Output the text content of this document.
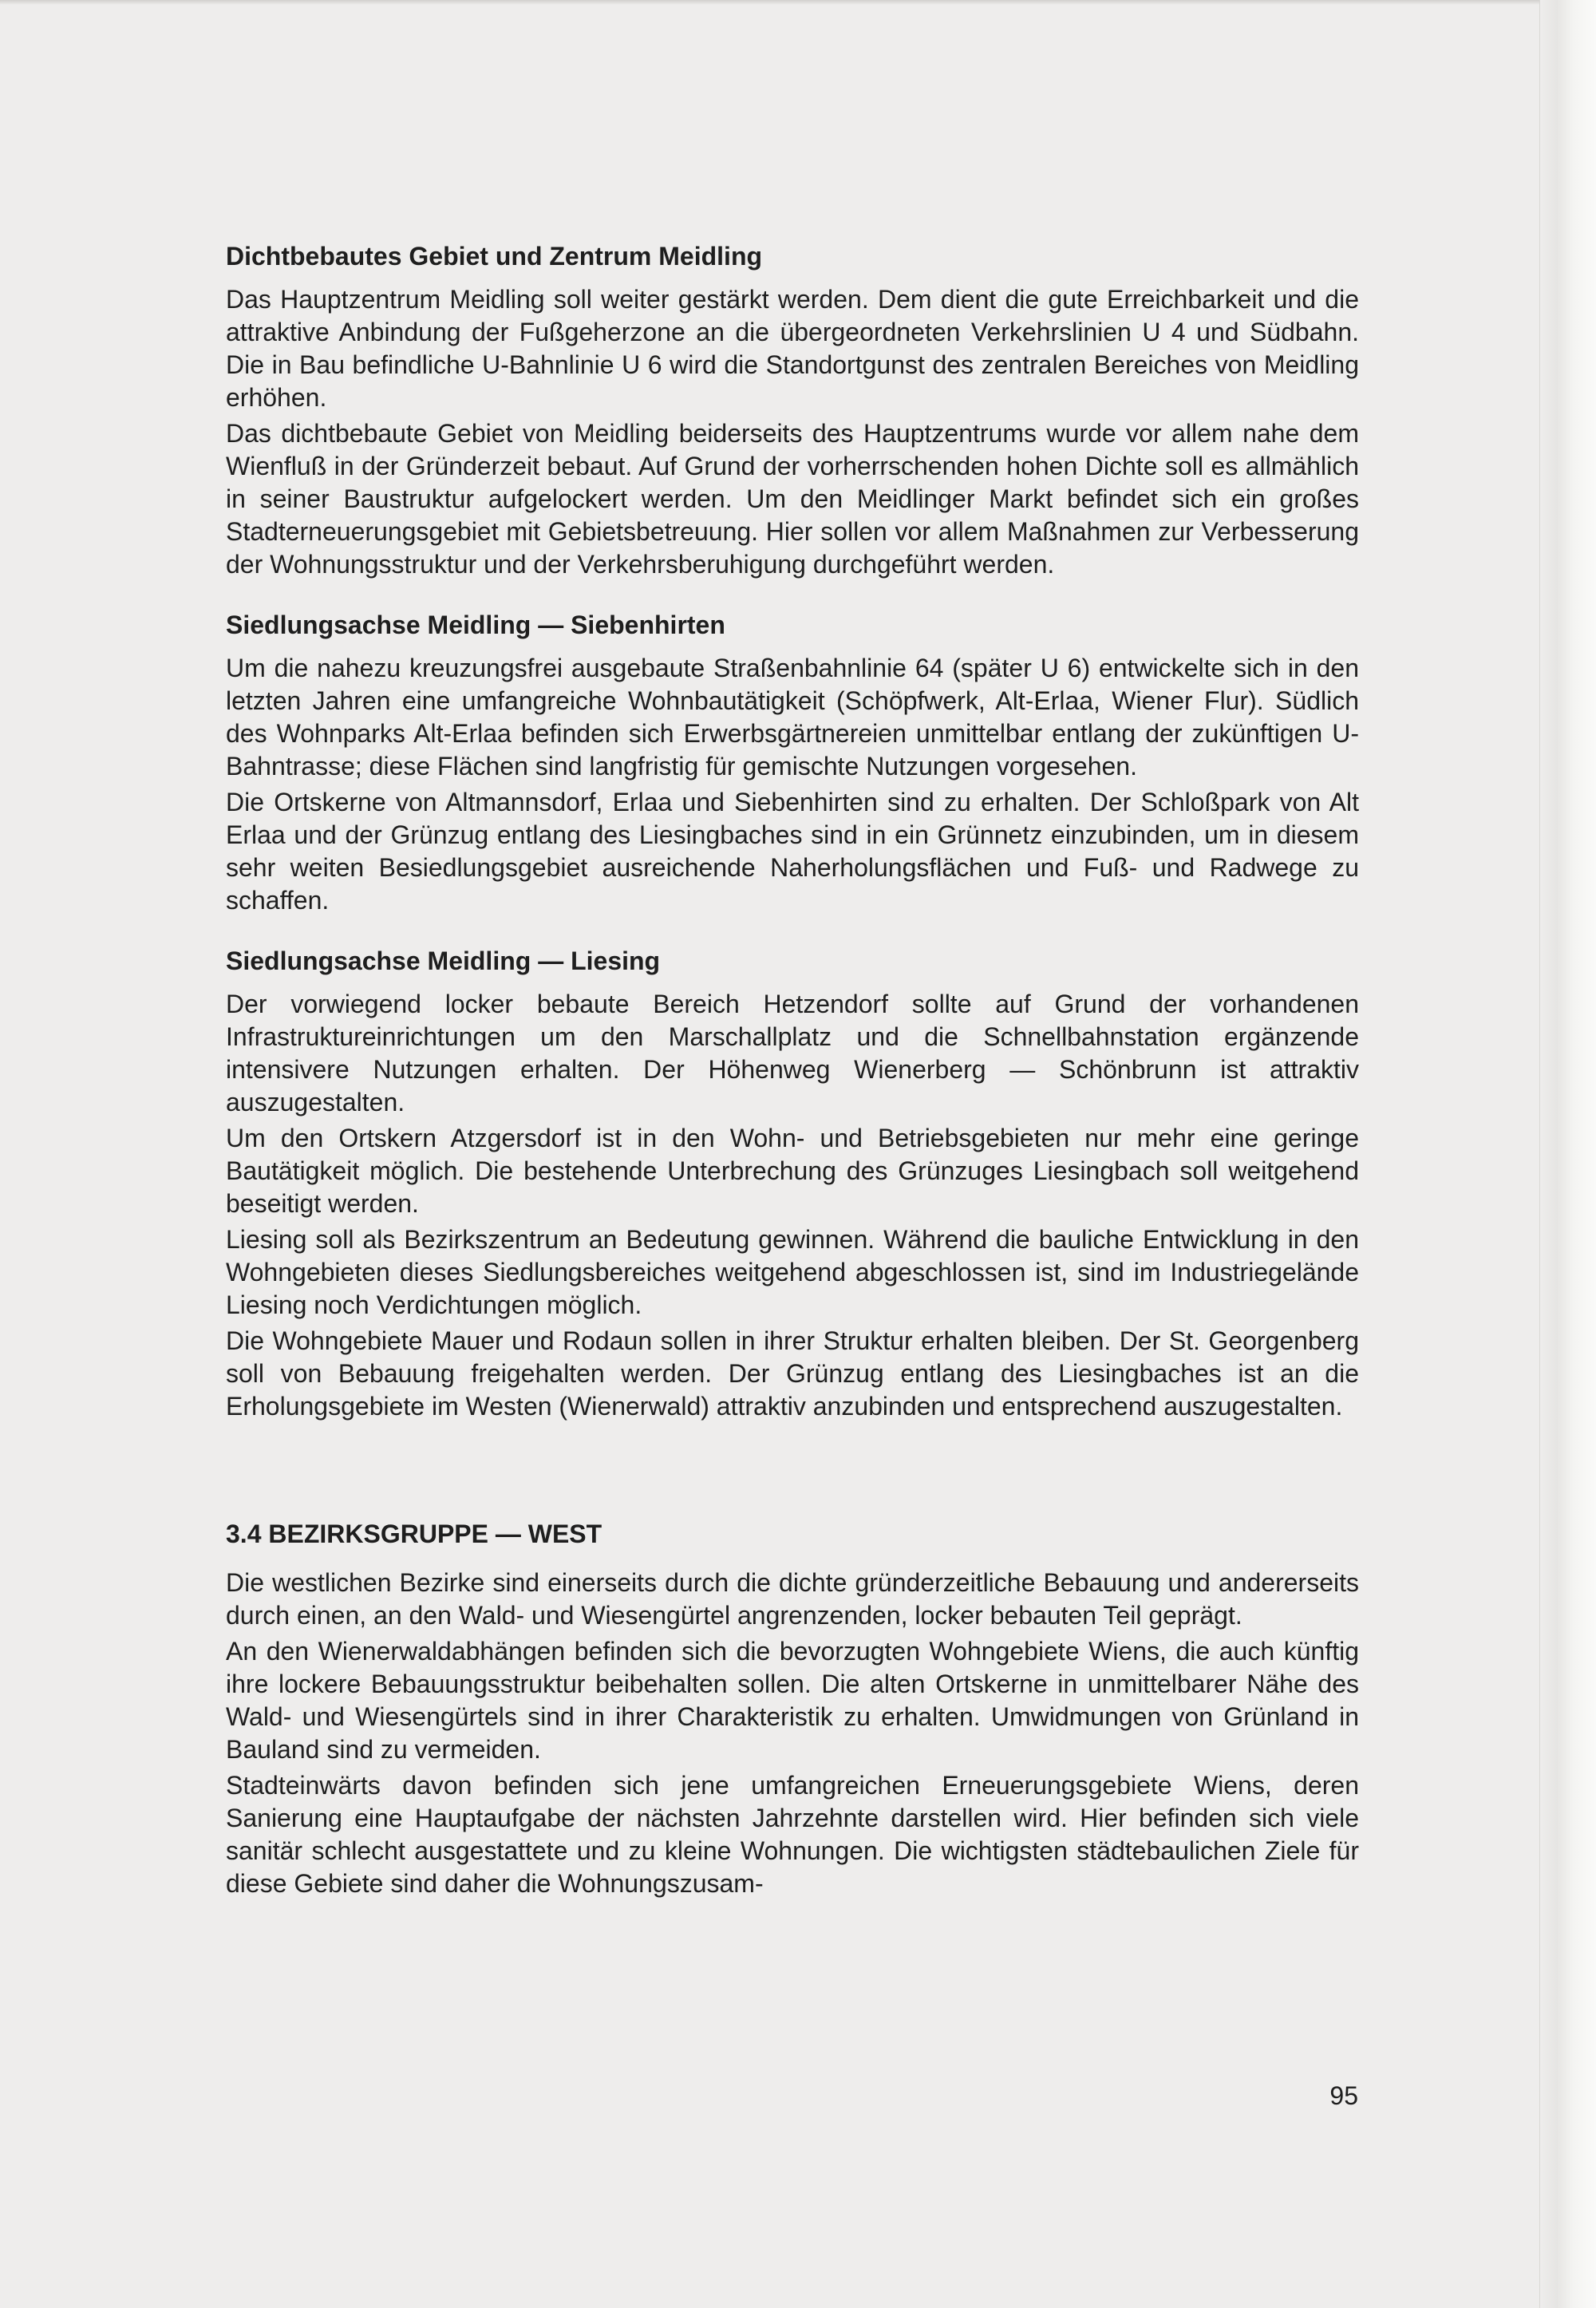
Dichtbebautes Gebiet und Zentrum Meidling

Das Hauptzentrum Meidling soll weiter gestärkt werden. Dem dient die gute Erreichbarkeit und die attraktive Anbindung der Fußgeherzone an die übergeordneten Verkehrslinien U 4 und Südbahn. Die in Bau befindliche U-Bahnlinie U 6 wird die Standortgunst des zentralen Bereiches von Meidling erhöhen.

Das dichtbebaute Gebiet von Meidling beiderseits des Hauptzentrums wurde vor allem nahe dem Wienfluß in der Gründerzeit bebaut. Auf Grund der vorherrschenden hohen Dichte soll es allmählich in seiner Baustruktur aufgelockert werden. Um den Meidlinger Markt befindet sich ein großes Stadterneuerungsgebiet mit Gebietsbetreuung. Hier sollen vor allem Maßnahmen zur Verbesserung der Wohnungsstruktur und der Verkehrsberuhigung durchgeführt werden.

Siedlungsachse Meidling — Siebenhirten

Um die nahezu kreuzungsfrei ausgebaute Straßenbahnlinie 64 (später U 6) entwickelte sich in den letzten Jahren eine umfangreiche Wohnbautätigkeit (Schöpfwerk, Alt-Erlaa, Wiener Flur). Südlich des Wohnparks Alt-Erlaa befinden sich Erwerbsgärtnereien unmittelbar entlang der zukünftigen U-Bahntrasse; diese Flächen sind langfristig für gemischte Nutzungen vorgesehen.

Die Ortskerne von Altmannsdorf, Erlaa und Siebenhirten sind zu erhalten. Der Schloßpark von Alt Erlaa und der Grünzug entlang des Liesingbaches sind in ein Grünnetz einzubinden, um in diesem sehr weiten Besiedlungsgebiet ausreichende Naherholungsflächen und Fuß- und Radwege zu schaffen.

Siedlungsachse Meidling — Liesing

Der vorwiegend locker bebaute Bereich Hetzendorf sollte auf Grund der vorhandenen Infrastruktureinrichtungen um den Marschallplatz und die Schnellbahnstation ergänzende intensivere Nutzungen erhalten. Der Höhenweg Wienerberg — Schönbrunn ist attraktiv auszugestalten.

Um den Ortskern Atzgersdorf ist in den Wohn- und Betriebsgebieten nur mehr eine geringe Bautätigkeit möglich. Die bestehende Unterbrechung des Grünzuges Liesingbach soll weitgehend beseitigt werden.

Liesing soll als Bezirkszentrum an Bedeutung gewinnen. Während die bauliche Entwicklung in den Wohngebieten dieses Siedlungsbereiches weitgehend abgeschlossen ist, sind im Industriegelände Liesing noch Verdichtungen möglich.

Die Wohngebiete Mauer und Rodaun sollen in ihrer Struktur erhalten bleiben. Der St. Georgenberg soll von Bebauung freigehalten werden. Der Grünzug entlang des Liesingbaches ist an die Erholungsgebiete im Westen (Wienerwald) attraktiv anzubinden und entsprechend auszugestalten.

3.4 BEZIRKSGRUPPE — WEST

Die westlichen Bezirke sind einerseits durch die dichte gründerzeitliche Bebauung und andererseits durch einen, an den Wald- und Wiesengürtel angrenzenden, locker bebauten Teil geprägt.

An den Wienerwaldabhängen befinden sich die bevorzugten Wohngebiete Wiens, die auch künftig ihre lockere Bebauungsstruktur beibehalten sollen. Die alten Ortskerne in unmittelbarer Nähe des Wald- und Wiesengürtels sind in ihrer Charakteristik zu erhalten. Umwidmungen von Grünland in Bauland sind zu vermeiden.

Stadteinwärts davon befinden sich jene umfangreichen Erneuerungsgebiete Wiens, deren Sanierung eine Hauptaufgabe der nächsten Jahrzehnte darstellen wird. Hier befinden sich viele sanitär schlecht ausgestattete und zu kleine Wohnungen. Die wichtigsten städtebaulichen Ziele für diese Gebiete sind daher die Wohnungszusam-

95
